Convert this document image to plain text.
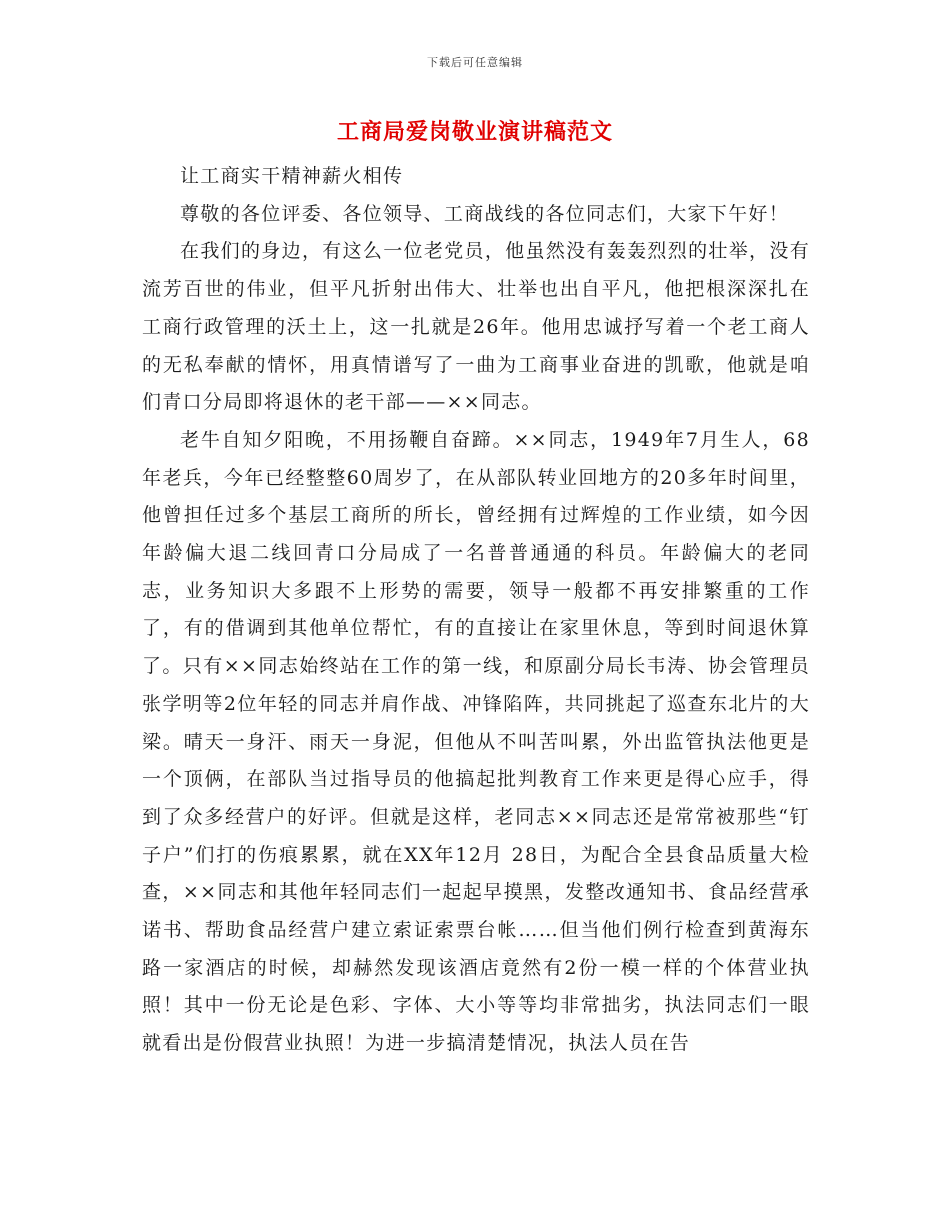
下载后可任意编辑
工商局爱岗敬业演讲稿范文

让工商实干精神薪火相传

尊敬的各位评委、各位领导、工商战线的各位同志们，大家下午好！

在我们的身边，有这么一位老党员，他虽然没有轰轰烈烈的壮举，没有流芳百世的伟业，但平凡折射出伟大、壮举也出自平凡，他把根深深扎在工商行政管理的沃土上，这一扎就是26年。他用忠诚抒写着一个老工商人的无私奉献的情怀，用真情谱写了一曲为工商事业奋进的凯歌，他就是咱们青口分局即将退休的老干部——××同志。

老牛自知夕阳晚，不用扬鞭自奋蹄。××同志，1949年7月生人，68年老兵，今年已经整整60周岁了，在从部队转业回地方的20多年时间里，他曾担任过多个基层工商所的所长，曾经拥有过辉煌的工作业绩，如今因年龄偏大退二线回青口分局成了一名普普通通的科员。年龄偏大的老同志，业务知识大多跟不上形势的需要，领导一般都不再安排繁重的工作了，有的借调到其他单位帮忙，有的直接让在家里休息，等到时间退休算了。只有××同志始终站在工作的第一线，和原副分局长韦涛、协会管理员张学明等2位年轻的同志并肩作战、冲锋陷阵，共同挑起了巡查东北片的大梁。晴天一身汗、雨天一身泥，但他从不叫苦叫累，外出监管执法他更是一个顶俩，在部队当过指导员的他搞起批判教育工作来更是得心应手，得到了众多经营户的好评。但就是这样，老同志××同志还是常常被那些“钉子户”们打的伤痕累累，就在XX年12月 28日，为配合全县食品质量大检查，××同志和其他年轻同志们一起起早摸黑，发整改通知书、食品经营承诺书、帮助食品经营户建立索证索票台帐……但当他们例行检查到黄海东路一家酒店的时候，却赫然发现该酒店竟然有2份一模一样的个体营业执照！其中一份无论是色彩、字体、大小等等均非常拙劣，执法同志们一眼就看出是份假营业执照！为进一步搞清楚情况，执法人员在告
